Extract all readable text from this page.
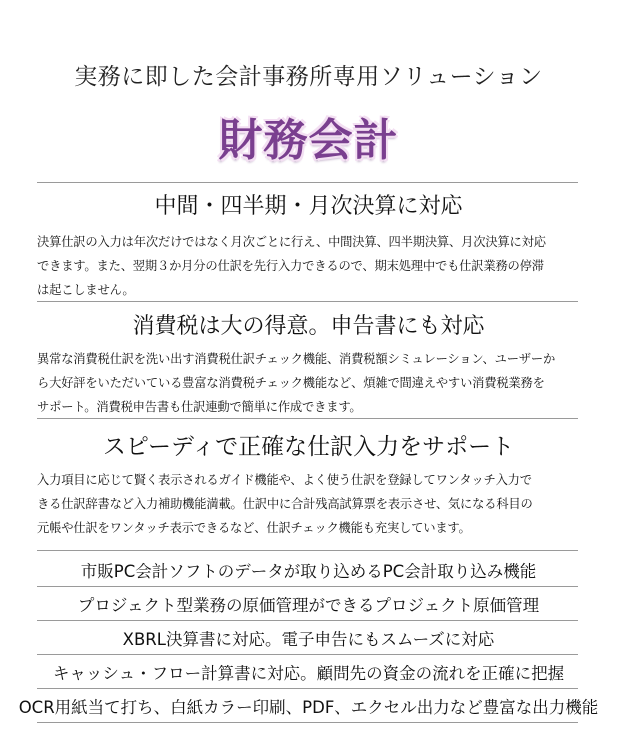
実務に即した会計事務所専用ソリューション
財務会計
中間・四半期・月次決算に対応
決算仕訳の入力は年次だけではなく月次ごとに行え、中間決算、四半期決算、月次決算に対応
できます。また、翌期３か月分の仕訳を先行入力できるので、期末処理中でも仕訳業務の停滞
は起こしません。
消費税は大の得意。申告書にも対応
異常な消費税仕訳を洗い出す消費税仕訳チェック機能、消費税額シミュレーション、ユーザーか
ら大好評をいただいている豊富な消費税チェック機能など、煩雑で間違えやすい消費税業務を
サポート。消費税申告書も仕訳連動で簡単に作成できます。
スピーディで正確な仕訳入力をサポート
入力項目に応じて賢く表示されるガイド機能や、よく使う仕訳を登録してワンタッチ入力で
きる仕訳辞書など入力補助機能満載。仕訳中に合計残高試算票を表示させ、気になる科目の
元帳や仕訳をワンタッチ表示できるなど、仕訳チェック機能も充実しています。
市販PC会計ソフトのデータが取り込めるPC会計取り込み機能
プロジェクト型業務の原価管理ができるプロジェクト原価管理
XBRL決算書に対応。電子申告にもスムーズに対応
キャッシュ・フロー計算書に対応。顧問先の資金の流れを正確に把握
OCR用紙当て打ち、白紙カラー印刷、PDF、エクセル出力など豊富な出力機能
